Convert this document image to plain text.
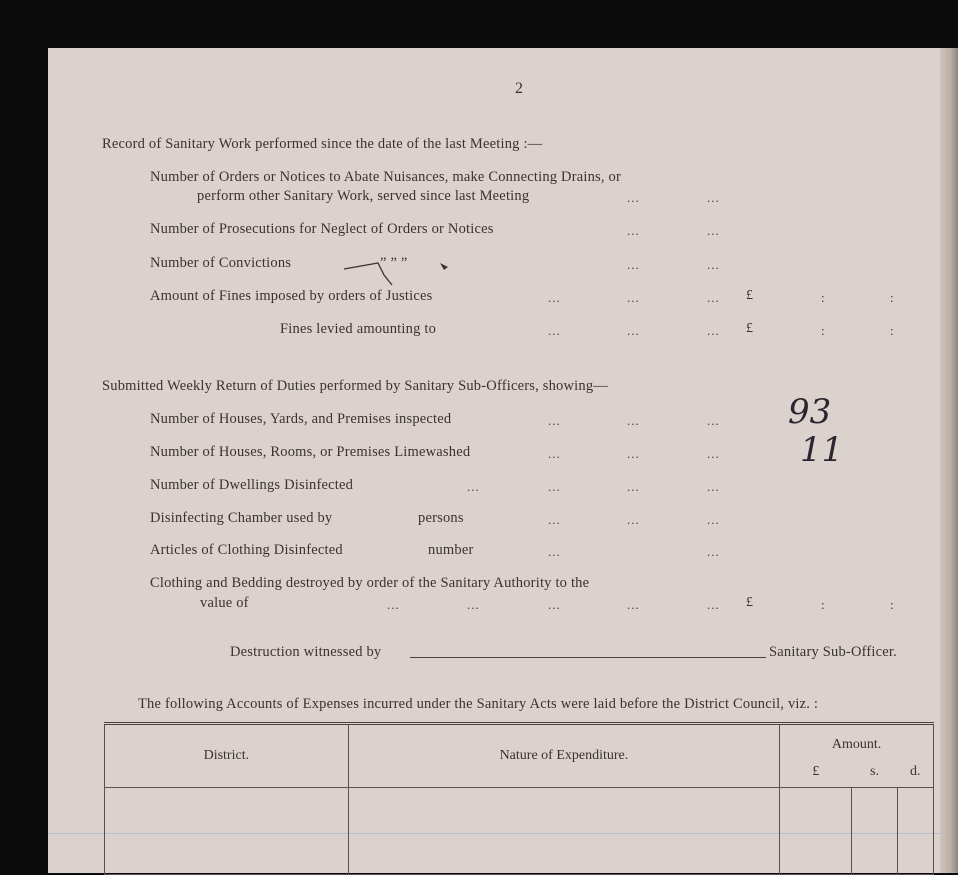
2
Record of Sanitary Work performed since the date of the last Meeting :—
Number of Orders or Notices to Abate Nuisances, make Connecting Drains, or
perform other Sanitary Work, served since last Meeting	...	...
Number of Prosecutions for Neglect of Orders or Notices	...	...
Number of Convictions	” ” ”	...	...
Amount of Fines imposed by orders of Justices	...	...	... £	:	:
Fines levied amounting to	...	...	... £	:	:
Submitted Weekly Return of Duties performed by Sanitary Sub-Officers, showing—
Number of Houses, Yards, and Premises inspected	...	...	... 93
Number of Houses, Rooms, or Premises Limewashed	...	...	... 11
Number of Dwellings Disinfected	...	...	...	...
Disinfecting Chamber used by	persons	...	...	...
Articles of Clothing Disinfected	number	...	...
Clothing and Bedding destroyed by order of the Sanitary Authority to the
value of	...	...	...	...	... £	:	:
Destruction witnessed by	Sanitary Sub-Officer.
The following Accounts of Expenses incurred under the Sanitary Acts were laid before the District Council, viz. :
District.	Nature of Expenditure.	Amount.		
		£	s.	d.
